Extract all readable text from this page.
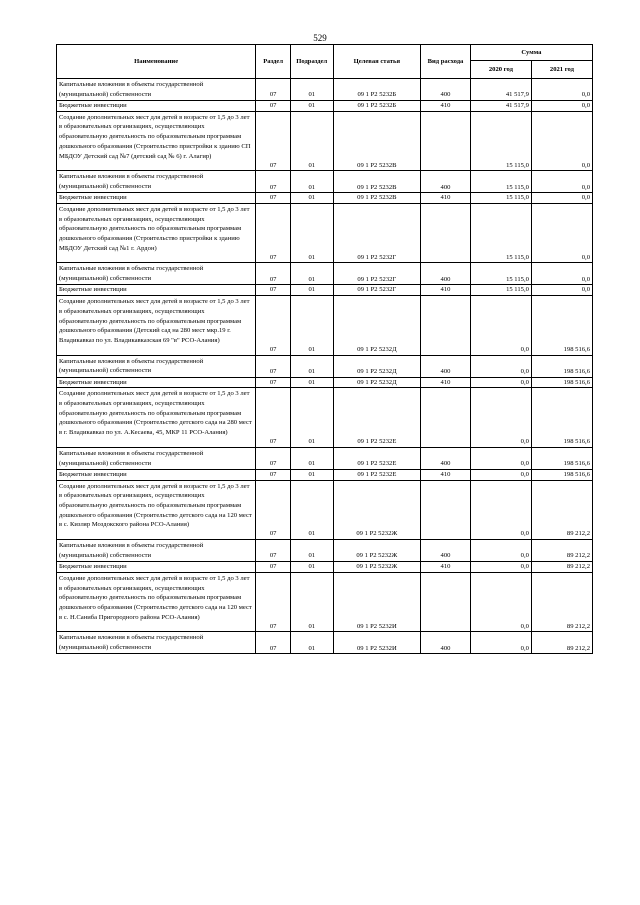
529
Наименование	Раздел	Подраздел	Целевая статья	Вид расхода	Сумма	
					2020 год	2021 год
Капитальные вложения в объекты государственной (муниципальной) собственности	07	01	09 1 P2 5232Б	400	41 517,9	0,0
Бюджетные инвестиции	07	01	09 1 P2 5232Б	410	41 517,9	0,0
Создание дополнительных мест для детей в возрасте от 1,5 до 3 лет в образовательных организациях, осуществляющих образовательную деятельность по образовательным программам дошкольного образования (Строительство пристройки к зданию СП МБДОУ Детский сад №7 (детский сад № 6) г. Алагир)	07	01	09 1 P2 5232В		15 115,0	0,0
Капитальные вложения в объекты государственной (муниципальной) собственности	07	01	09 1 P2 5232В	400	15 115,0	0,0
Бюджетные инвестиции	07	01	09 1 P2 5232В	410	15 115,0	0,0
Создание дополнительных мест для детей в возрасте от 1,5 до 3 лет в образовательных организациях, осуществляющих образовательную деятельность по образовательным программам дошкольного образования (Строительство пристройки к зданию МБДОУ Детский сад №1 г. Ардон)	07	01	09 1 P2 5232Г		15 115,0	0,0
Капитальные вложения в объекты государственной (муниципальной) собственности	07	01	09 1 P2 5232Г	400	15 115,0	0,0
Бюджетные инвестиции	07	01	09 1 P2 5232Г	410	15 115,0	0,0
Создание дополнительных мест для детей в возрасте от 1,5 до 3 лет в образовательных организациях, осуществляющих образовательную деятельность по образовательным программам дошкольного образования (Детский сад на 280 мест мкр.19 г. Владикавказ по ул. Владикавказская 69 "в" РСО-Алания)	07	01	09 1 P2 5232Д		0,0	198 516,6
Капитальные вложения в объекты государственной (муниципальной) собственности	07	01	09 1 P2 5232Д	400	0,0	198 516,6
Бюджетные инвестиции	07	01	09 1 P2 5232Д	410	0,0	198 516,6
Создание дополнительных мест для детей в возрасте от 1,5 до 3 лет в образовательных организациях, осуществляющих образовательную деятельность по образовательным программам дошкольного образования (Строительство детского сада на 280 мест в г. Владикавказ по ул. А.Кесаева, 45, МКР 11 РСО-Алания)	07	01	09 1 P2 5232Е		0,0	198 516,6
Капитальные вложения в объекты государственной (муниципальной) собственности	07	01	09 1 P2 5232Е	400	0,0	198 516,6
Бюджетные инвестиции	07	01	09 1 P2 5232Е	410	0,0	198 516,6
Создание дополнительных мест для детей в возрасте от 1,5 до 3 лет в образовательных организациях, осуществляющих образовательную деятельность по образовательным программам дошкольного образования (Строительство детского сада на 120 мест в с. Кизляр Моздокского района РСО-Алания)	07	01	09 1 P2 5232Ж		0,0	89 212,2
Капитальные вложения в объекты государственной (муниципальной) собственности	07	01	09 1 P2 5232Ж	400	0,0	89 212,2
Бюджетные инвестиции	07	01	09 1 P2 5232Ж	410	0,0	89 212,2
Создание дополнительных мест для детей в возрасте от 1,5 до 3 лет в образовательных организациях, осуществляющих образовательную деятельность по образовательным программам дошкольного образования (Строительство детского сада на 120 мест в с. Н.Саниба Пригородного района РСО-Алания)	07	01	09 1 P2 5232И		0,0	89 212,2
Капитальные вложения в объекты государственной (муниципальной) собственности	07	01	09 1 P2 5232И	400	0,0	89 212,2
